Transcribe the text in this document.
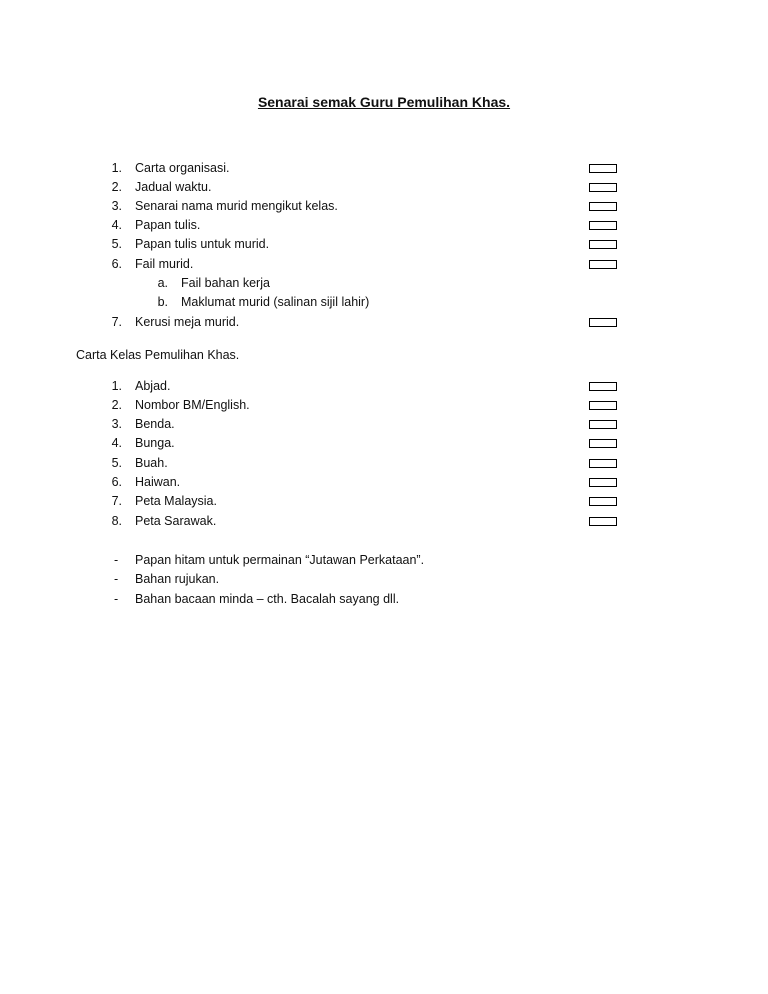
Senarai semak Guru Pemulihan Khas.
1. Carta organisasi.
2. Jadual waktu.
3. Senarai nama murid mengikut kelas.
4. Papan tulis.
5. Papan tulis untuk murid.
6. Fail murid.
a. Fail bahan kerja
b. Maklumat murid (salinan sijil lahir)
7. Kerusi meja murid.
Carta Kelas Pemulihan Khas.
1. Abjad.
2. Nombor BM/English.
3. Benda.
4. Bunga.
5. Buah.
6. Haiwan.
7. Peta Malaysia.
8. Peta Sarawak.
- Papan hitam untuk permainan “Jutawan Perkataan”.
- Bahan rujukan.
- Bahan bacaan minda – cth. Bacalah sayang dll.
